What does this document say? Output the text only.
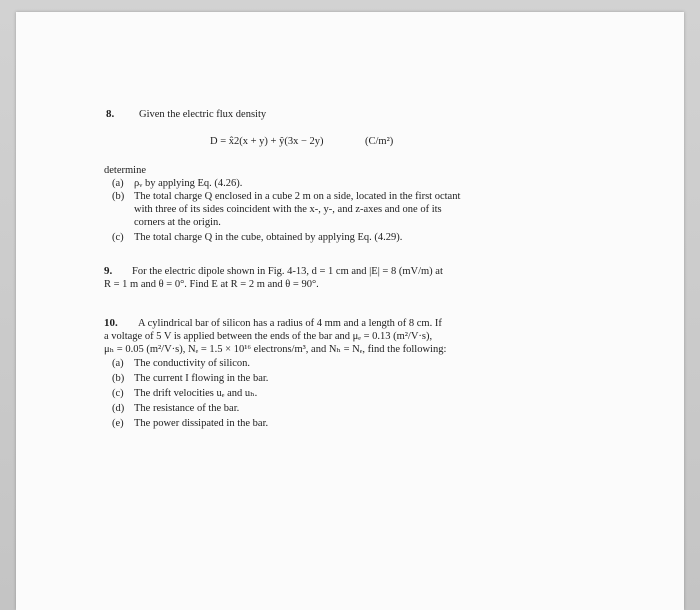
8. Given the electric flux density
D = x̂2(x + y) + ŷ(3x − 2y)	(C/m²)
determine
(a) ρᵥ by applying Eq. (4.26).
(b) The total charge Q enclosed in a cube 2 m on a side, located in the first octant
with three of its sides coincident with the x-, y-, and z-axes and one of its
corners at the origin.
(c) The total charge Q in the cube, obtained by applying Eq. (4.29).
9. For the electric dipole shown in Fig. 4-13, d = 1 cm and |E| = 8 (mV/m) at
R = 1 m and θ = 0°. Find E at R = 2 m and θ = 90°.
10. A cylindrical bar of silicon has a radius of 4 mm and a length of 8 cm. If
a voltage of 5 V is applied between the ends of the bar and μₑ = 0.13 (m²/V·s),
μₕ = 0.05 (m²/V·s), Nₑ = 1.5 × 10¹⁶ electrons/m³, and Nₕ = Nₑ, find the following:
(a) The conductivity of silicon.
(b) The current I flowing in the bar.
(c) The drift velocities uₑ and uₕ.
(d) The resistance of the bar.
(e) The power dissipated in the bar.
